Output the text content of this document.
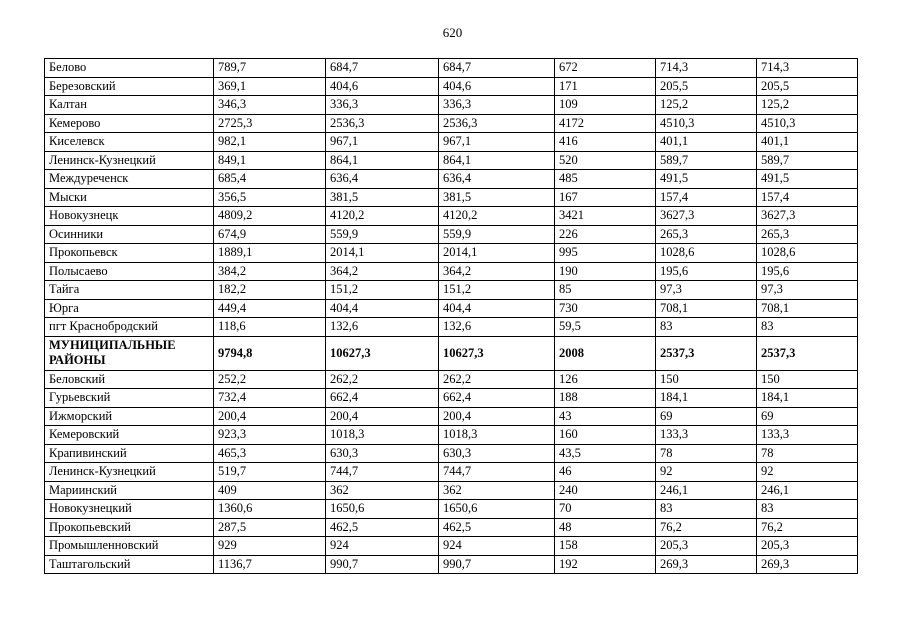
620
Белово	789,7	684,7	684,7	672	714,3	714,3
Березовский	369,1	404,6	404,6	171	205,5	205,5
Калтан	346,3	336,3	336,3	109	125,2	125,2
Кемерово	2725,3	2536,3	2536,3	4172	4510,3	4510,3
Киселевск	982,1	967,1	967,1	416	401,1	401,1
Ленинск-Кузнецкий	849,1	864,1	864,1	520	589,7	589,7
Междуреченск	685,4	636,4	636,4	485	491,5	491,5
Мыски	356,5	381,5	381,5	167	157,4	157,4
Новокузнецк	4809,2	4120,2	4120,2	3421	3627,3	3627,3
Осинники	674,9	559,9	559,9	226	265,3	265,3
Прокопьевск	1889,1	2014,1	2014,1	995	1028,6	1028,6
Полысаево	384,2	364,2	364,2	190	195,6	195,6
Тайга	182,2	151,2	151,2	85	97,3	97,3
Юрга	449,4	404,4	404,4	730	708,1	708,1
пгт Краснобродский	118,6	132,6	132,6	59,5	83	83
МУНИЦИПАЛЬНЫЕ РАЙОНЫ	9794,8	10627,3	10627,3	2008	2537,3	2537,3
Беловский	252,2	262,2	262,2	126	150	150
Гурьевский	732,4	662,4	662,4	188	184,1	184,1
Ижморский	200,4	200,4	200,4	43	69	69
Кемеровский	923,3	1018,3	1018,3	160	133,3	133,3
Крапивинский	465,3	630,3	630,3	43,5	78	78
Ленинск-Кузнецкий	519,7	744,7	744,7	46	92	92
Мариинский	409	362	362	240	246,1	246,1
Новокузнецкий	1360,6	1650,6	1650,6	70	83	83
Прокопьевский	287,5	462,5	462,5	48	76,2	76,2
Промышленновский	929	924	924	158	205,3	205,3
Таштагольский	1136,7	990,7	990,7	192	269,3	269,3
